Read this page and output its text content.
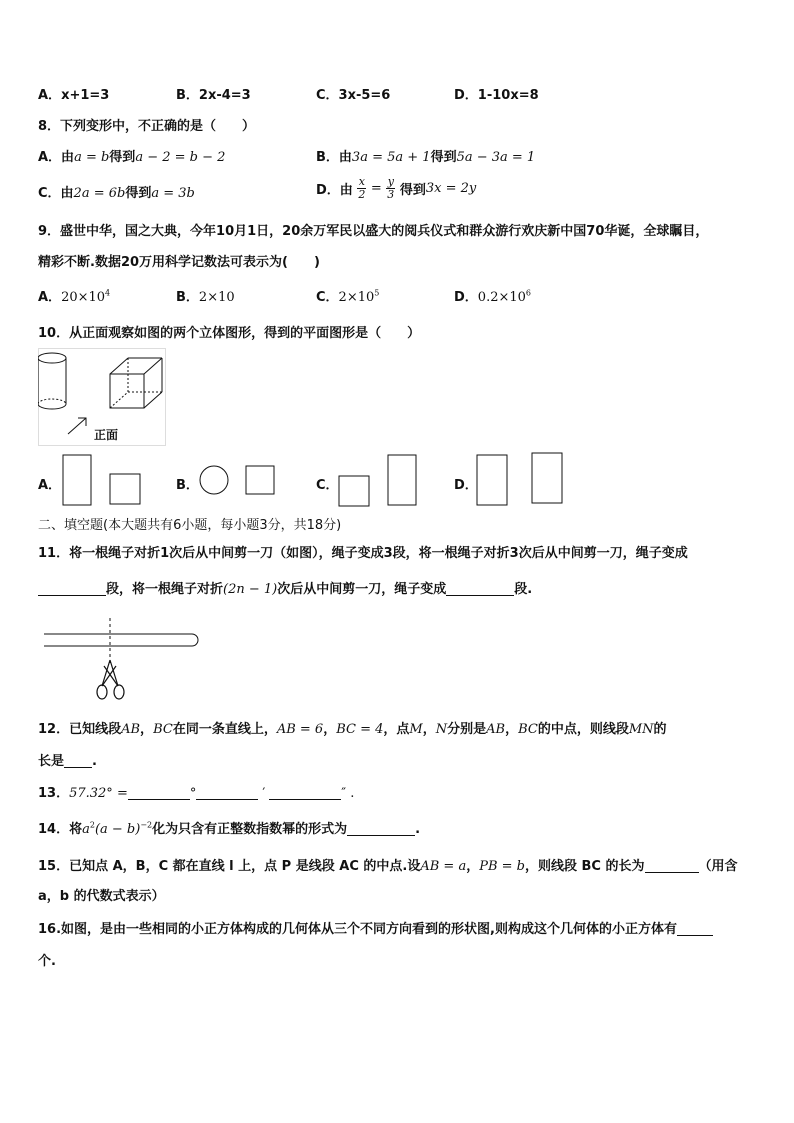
A．x+1=3	B．2x-4=3	C．3x-5=6	D．1-10x=8
8．下列变形中，不正确的是（　　）
A．由a = b得到a − 2 = b − 2	B．由3a = 5a + 1得到5a − 3a = 1
C．由2a = 6b得到a = 3b	D．由 $\frac{x}{2} = \frac{y}{3}$ 得到3x = 2y
9．盛世中华，国之大典，今年10月1日，20余万军民以盛大的阅兵仪式和群众游行欢庆新中国70华诞，全球瞩目，
精彩不断.数据20万用科学记数法可表示为(　　)
A．$20\times 10^4$	B．2×10	C．$2\times 10^5$	D．$0.2\times 10^6$
10．从正面观察如图的两个立体图形，得到的平面图形是（　　）
正面
A．	B．	C．	D．
二、填空题(本大题共有6小题，每小题3分，共18分)
11．将一根绳子对折1次后从中间剪一刀（如图），绳子变成3段，将一根绳子对折3次后从中间剪一刀，绳子变成
段，将一根绳子对折(2n − 1)次后从中间剪一刀，绳子变成	段.
12．已知线段AB，BC在同一条直线上，AB = 6，BC = 4，点M，N分别是AB，BC的中点，则线段MN的
长是 .
13．57.32° =	°	′	″ .
14．将$a^2(a - b)^{-2}$化为只含有正整数指数幂的形式为	.
15．已知点 A，B，C 都在直线 l 上，点 P 是线段 AC 的中点.设AB = a，PB = b，则线段 BC 的长为	（用含
a，b 的代数式表示）
16.如图，是由一些相同的小正方体构成的几何体从三个不同方向看到的形状图,则构成这个几何体的小正方体有
个.
